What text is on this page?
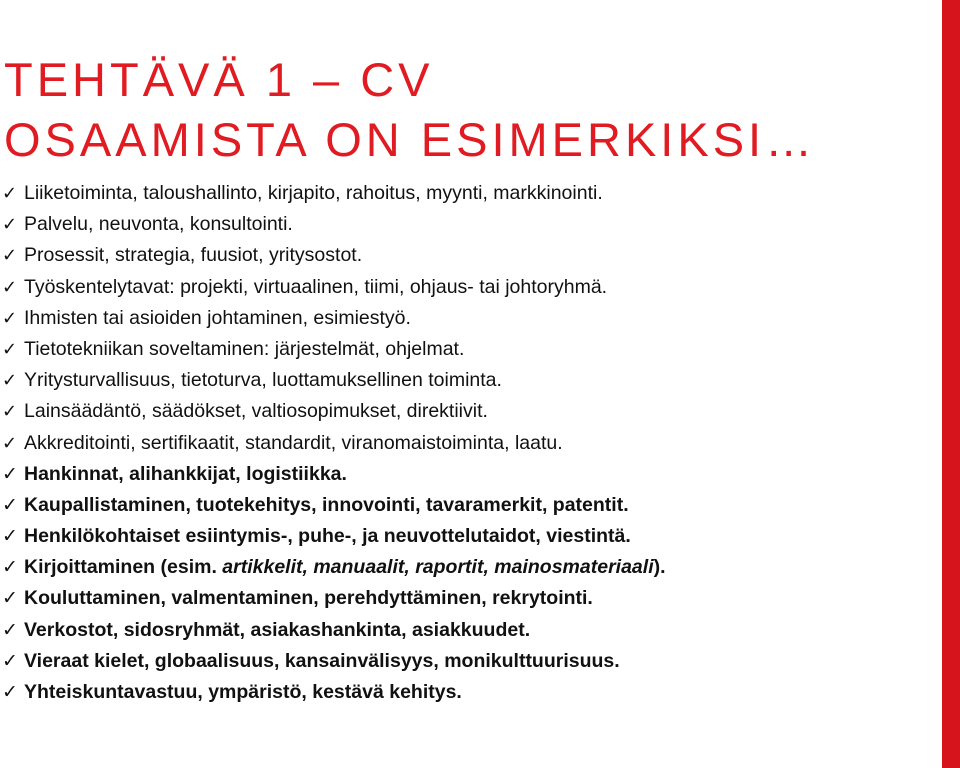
TEHTÄVÄ 1 – CV
OSAAMISTA ON ESIMERKIKSI…
✓ Liiketoiminta, taloushallinto, kirjapito, rahoitus, myynti, markkinointi.
✓ Palvelu, neuvonta, konsultointi.
✓ Prosessit, strategia, fuusiot, yritysostot.
✓ Työskentelytavat: projekti, virtuaalinen, tiimi, ohjaus- tai johtoryhmä.
✓ Ihmisten tai asioiden johtaminen, esimiestyö.
✓ Tietotekniikan soveltaminen: järjestelmät, ohjelmat.
✓ Yritysturvallisuus, tietoturva, luottamuksellinen toiminta.
✓ Lainsäädäntö, säädökset, valtiosopimukset, direktiivit.
✓ Akkreditointi, sertifikaatit, standardit, viranomaistoiminta, laatu.
✓ Hankinnat, alihankkijat, logistiikka.
✓ Kaupallistaminen, tuotekehitys, innovointi, tavaramerkit, patentit.
✓ Henkilökohtaiset esiintymis-, puhe-, ja neuvottelutaidot, viestintä.
✓ Kirjoittaminen (esim. artikkelit, manuaalit, raportit, mainosmateriaali).
✓ Kouluttaminen, valmentaminen, perehdyttäminen, rekrytointi.
✓ Verkostot, sidosryhmät, asiakashankinta, asiakkuudet.
✓ Vieraat kielet, globaalisuus, kansainvälisyys, monikulttuurisuus.
✓ Yhteiskuntavastuu, ympäristö, kestävä kehitys.
